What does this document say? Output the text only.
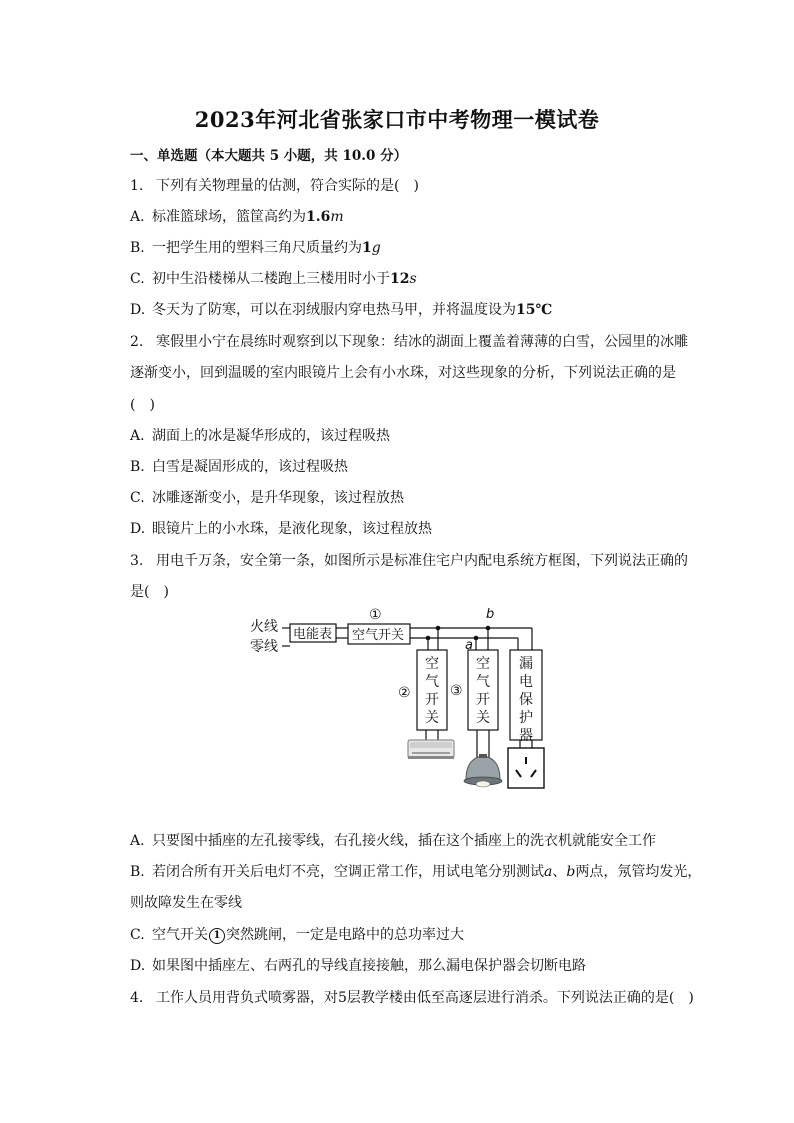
2023年河北省张家口市中考物理一模试卷
一、单选题（本大题共 5 小题，共 10.0 分）
1. 下列有关物理量的估测，符合实际的是(　)
A. 标准篮球场，篮筐高约为1.6m
B. 一把学生用的塑料三角尺质量约为1g
C. 初中生沿楼梯从二楼跑上三楼用时小于12s
D. 冬天为了防寒，可以在羽绒服内穿电热马甲，并将温度设为15℃
2. 寒假里小宁在晨练时观察到以下现象：结冰的湖面上覆盖着薄薄的白雪，公园里的冰雕
逐渐变小，回到温暖的室内眼镜片上会有小水珠，对这些现象的分析，下列说法正确的是
(　)
A. 湖面上的冰是凝华形成的，该过程吸热
B. 白雪是凝固形成的，该过程吸热
C. 冰雕逐渐变小，是升华现象，该过程放热
D. 眼镜片上的小水珠，是液化现象，该过程放热
3. 用电千万条，安全第一条，如图所示是标准住宅户内配电系统方框图，下列说法正确的
是(　)
火线
零线
电能表 空气开关
①	b
a
空
气
开
关
②
空
气
开
关
③
漏
电
保
护
器
A. 只要图中插座的左孔接零线，右孔接火线，插在这个插座上的洗衣机就能安全工作
B. 若闭合所有开关后电灯不亮，空调正常工作，用试电笔分别测试a、b两点，氖管均发光，
则故障发生在零线
C. 空气开关 1 突然跳闸，一定是电路中的总功率过大
D. 如果图中插座左、右两孔的导线直接接触，那么漏电保护器会切断电路
4. 工作人员用背负式喷雾器，对5层教学楼由低至高逐层进行消杀。下列说法正确的是(　)
